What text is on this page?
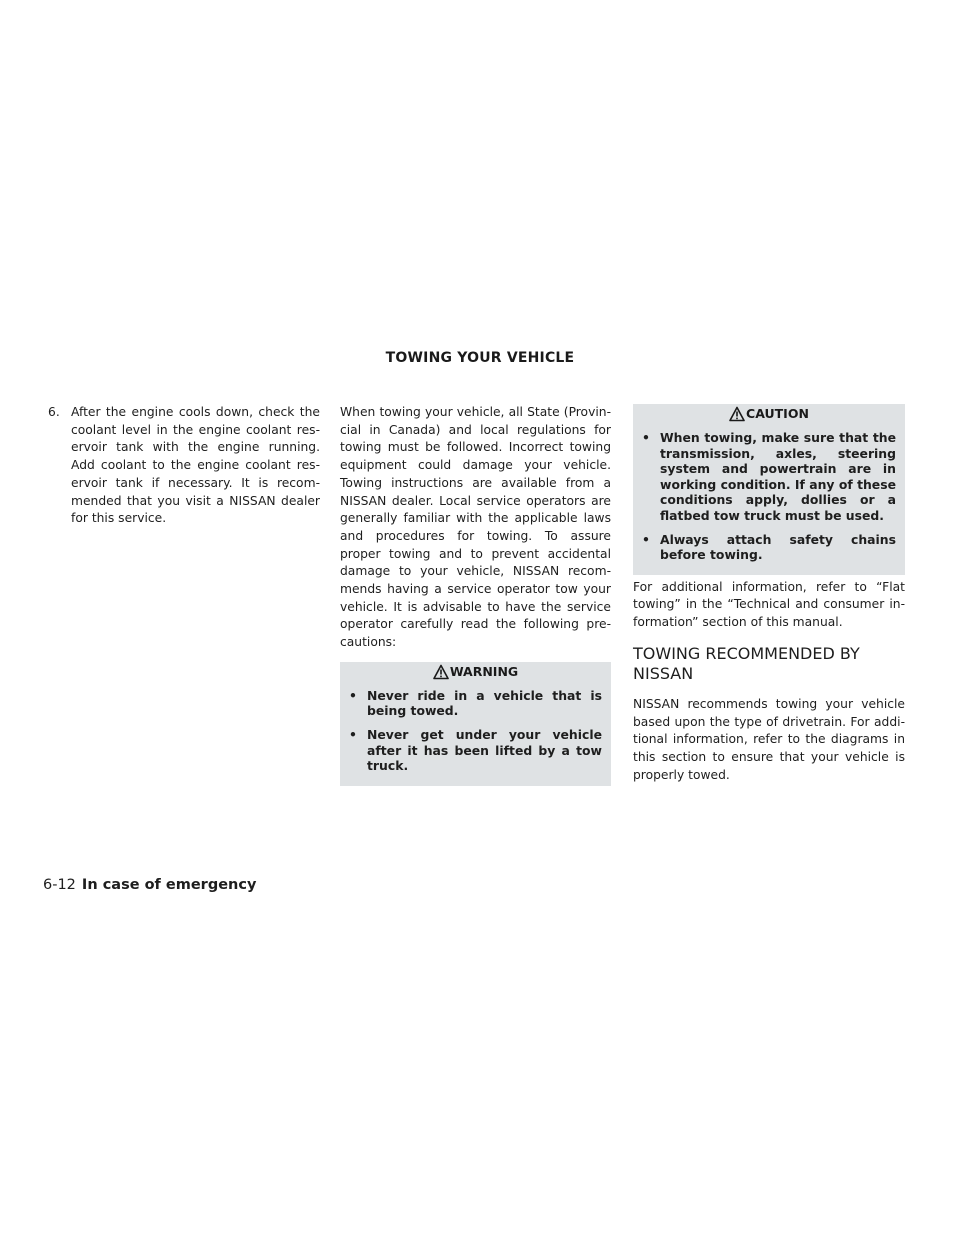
TOWING YOUR VEHICLE
6. After the engine cools down, check the coolant level in the engine coolant reservoir tank with the engine running. Add coolant to the engine coolant reservoir tank if necessary. It is recommended that you visit a NISSAN dealer for this service.

When towing your vehicle, all State (Provincial in Canada) and local regulations for towing must be followed. Incorrect towing equipment could damage your vehicle. Towing instructions are available from a NISSAN dealer. Local service operators are generally familiar with the applicable laws and procedures for towing. To assure proper towing and to prevent accidental damage to your vehicle, NISSAN recommends having a service operator tow your vehicle. It is advisable to have the service operator carefully read the following precautions:

WARNING
• Never ride in a vehicle that is being towed.
• Never get under your vehicle after it has been lifted by a tow truck.
CAUTION
• When towing, make sure that the transmission, axles, steering system and powertrain are in working condition. If any of these conditions apply, dollies or a flatbed tow truck must be used.
• Always attach safety chains before towing.

For additional information, refer to “Flat towing” in the “Technical and consumer information” section of this manual.

TOWING RECOMMENDED BY NISSAN

NISSAN recommends towing your vehicle based upon the type of drivetrain. For additional information, refer to the diagrams in this section to ensure that your vehicle is properly towed.

6-12 In case of emergency
